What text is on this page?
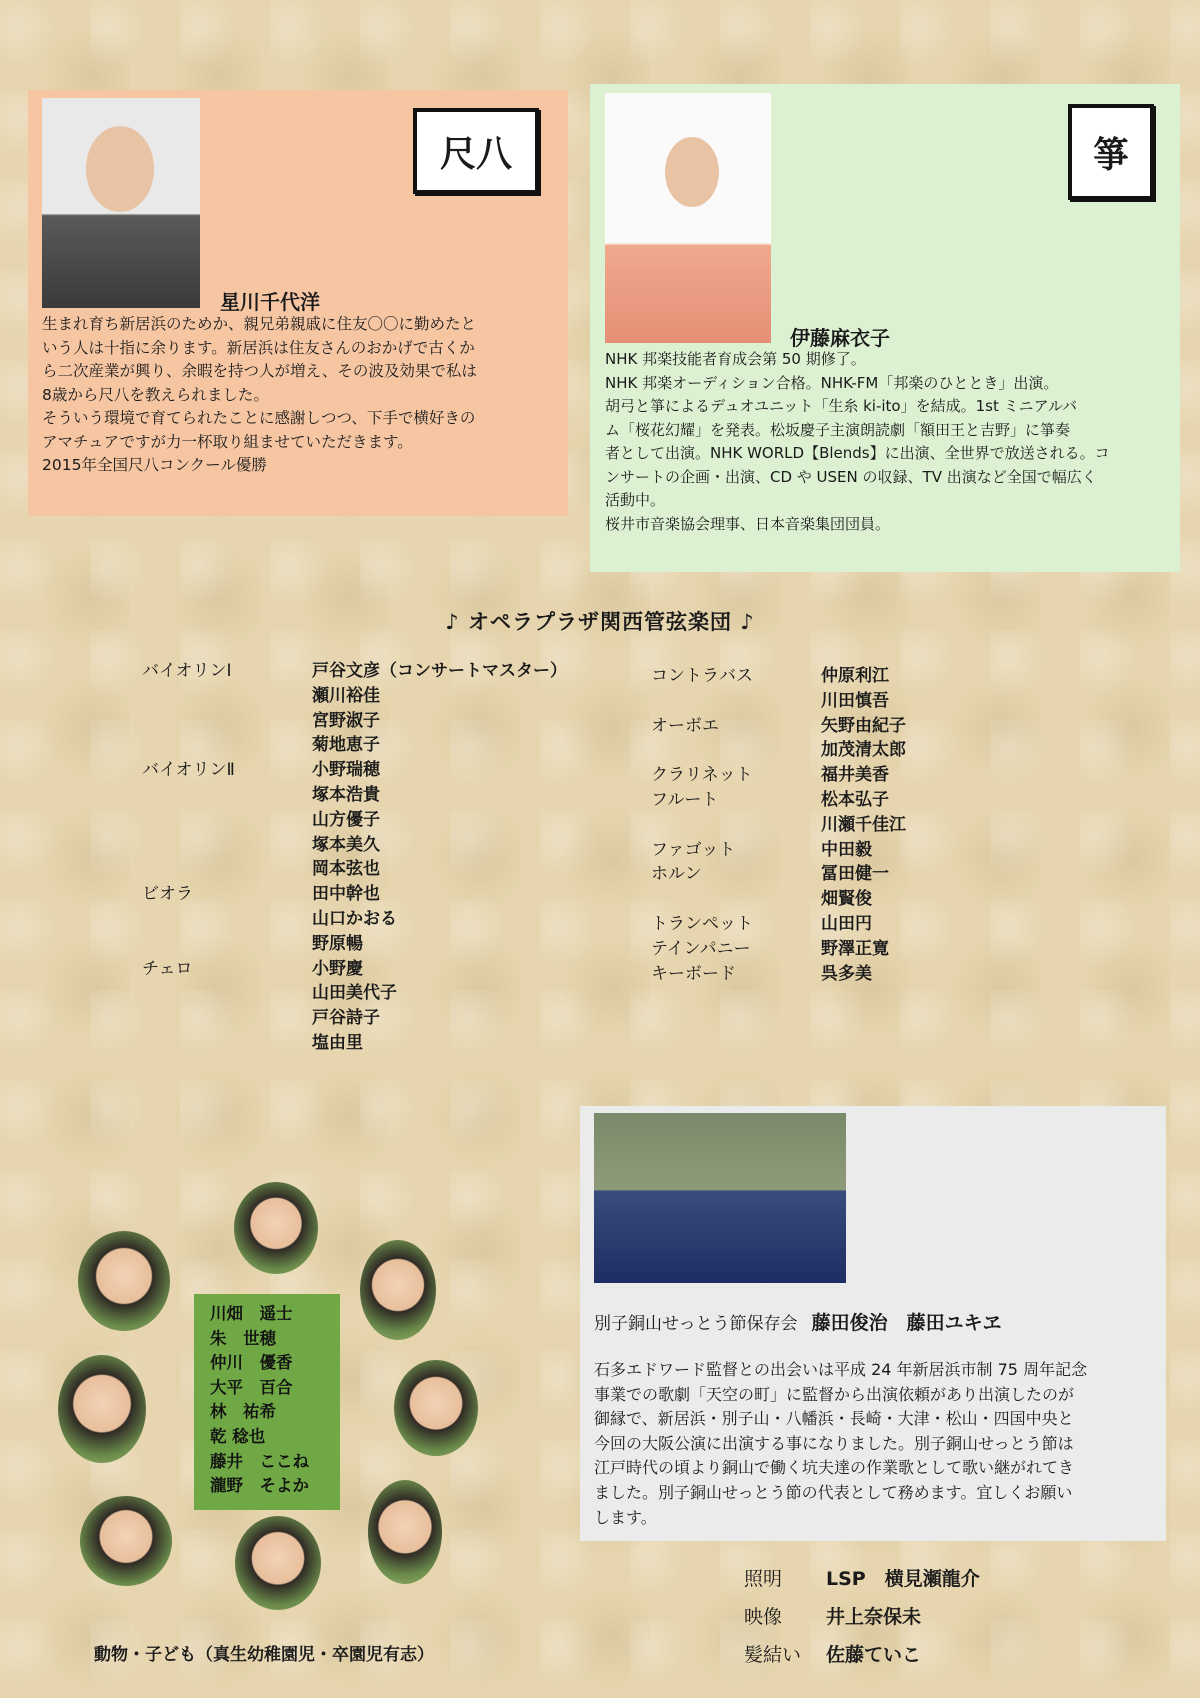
尺八
星川千代洋

生まれ育ち新居浜のためか、親兄弟親戚に住友〇〇に勤めたと

いう人は十指に余ります。新居浜は住友さんのおかげで古くか

ら二次産業が興り、余暇を持つ人が増え、その波及効果で私は

8歳から尺八を教えられました。

そういう環境で育てられたことに感謝しつつ、下手で横好きの

アマチュアですが力一杯取り組ませていただきます。

2015年全国尺八コンクール優勝

箏
伊藤麻衣子

NHK 邦楽技能者育成会第 50 期修了。

NHK 邦楽オーディション合格。NHK-FM「邦楽のひととき」出演。

胡弓と箏によるデュオユニット「生糸 ki-ito」を結成。1st ミニアルバ

ム「桜花幻耀」を発表。松坂慶子主演朗読劇「額田王と吉野」に箏奏

者として出演。NHK WORLD【Blends】に出演、全世界で放送される。コ

ンサートの企画・出演、CD や USEN の収録、TV 出演など全国で幅広く

活動中。

桜井市音楽協会理事、日本音楽集団団員。

♪ オペラプラザ関西管弦楽団 ♪
バイオリンⅠ	戸谷文彦（コンサートマスター）
瀬川裕佳
宮野淑子
菊地恵子
バイオリンⅡ	小野瑞穂
塚本浩貴
山方優子
塚本美久
岡本弦也
ビオラ	田中幹也
山口かおる
野原暢
チェロ	小野慶
山田美代子
戸谷詩子
塩由里
コントラバス	仲原利江
川田慎吾
オーボエ	矢野由紀子
加茂清太郎
クラリネット	福井美香
フルート	松本弘子
川瀬千佳江
ファゴット	中田毅
ホルン	冨田健一
畑賢俊
トランペット	山田円
テインパニー	野澤正寛
キーボード	呉多美
川畑　遥士
朱　世穂
仲川　優香
大平　百合
林　祐希
乾 稔也
藤井　ここね
瀧野　そよか
動物・子ども（真生幼稚園児・卒園児有志）
別子銅山せっとう節保存会 藤田俊治　藤田ユキヱ
石多エドワード監督との出会いは平成 24 年新居浜市制 75 周年記念
事業での歌劇「天空の町」に監督から出演依頼があり出演したのが
御縁で、新居浜・別子山・八幡浜・長崎・大津・松山・四国中央と
今回の大阪公演に出演する事になりました。別子銅山せっとう節は
江戸時代の頃より銅山で働く坑夫達の作業歌として歌い継がれてき
ました。別子銅山せっとう節の代表として務めます。宜しくお願い
します。
照明 LSP　横見瀬龍介
映像 井上奈保未
髪結い 佐藤ていこ
